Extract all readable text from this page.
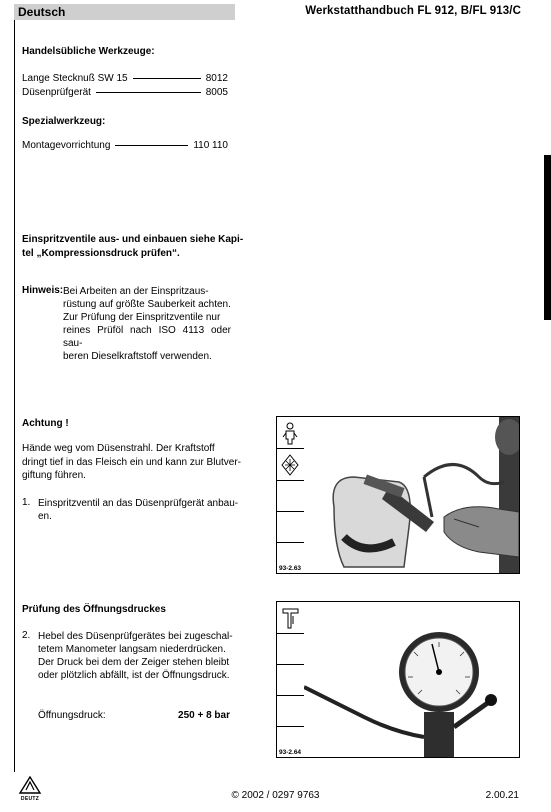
Deutsch	Werkstatthandbuch FL 912, B/FL 913/C
Handelsübliche Werkzeuge:
Lange Stecknuß SW 15	8012
Düsenprüfgerät	8005
Spezialwerkzeug:
Montagevorrichtung	110 110
Einspritzventile aus- und einbauen siehe Kapi-
tel „Kompressionsdruck prüfen“.
Hinweis: Bei Arbeiten an der Einspritzaus-
rüstung auf größte Sauberkeit achten.
Zur Prüfung der Einspritzventile nur
reines Prüföl nach ISO 4113 oder sau-
beren Dieselkraftstoff verwenden.
Achtung !
Hände weg vom Düsenstrahl. Der Kraftstoff
dringt tief in das Fleisch ein und kann zur Blutver-
giftung führen.
1. Einspritzventil an das Düsenprüfgerät anbau-
en.
93-2.63
Prüfung des Öffnungsdruckes
2. Hebel des Düsenprüfgerätes bei zugeschal-
tetem Manometer langsam niederdrücken.
Der Druck bei dem der Zeiger stehen bleibt
oder plötzlich abfällt, ist der Öffnungsdruck.
Öffnungsdruck:	250 + 8 bar
93-2.64
DEUTZ	© 2002 / 0297 9763	2.00.21
